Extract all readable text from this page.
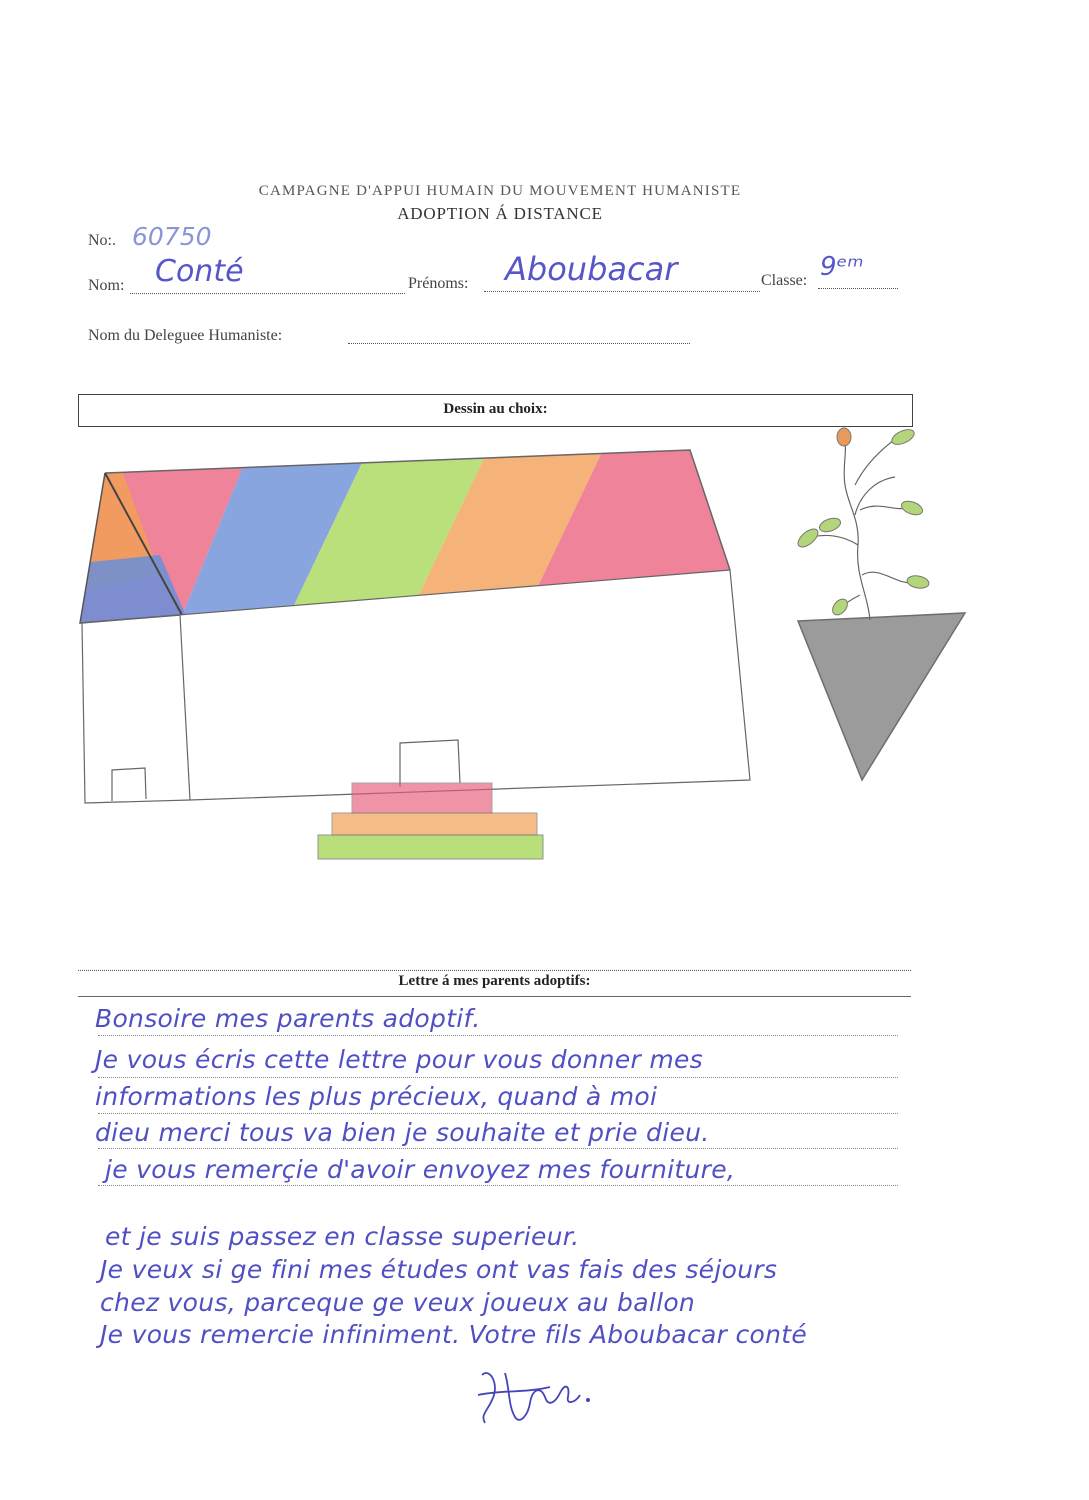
CAMPAGNE D'APPUI HUMAIN DU MOUVEMENT HUMANISTE
ADOPTION Á DISTANCE
No:. 60750
Nom: Conté	Prénoms: Aboubacar	Classe: 9ᵉᵐ
Nom du Deleguee Humaniste:
Dessin au choix:
Lettre á mes parents adoptifs:
Bonsoire mes parents adoptif.
Je vous écris cette lettre pour vous donner mes
informations les plus précieux, quand à moi
dieu merci tous va bien je souhaite et prie dieu.
je vous remerçie d'avoir envoyez mes fourniture,
et je suis passez en classe superieur.
Je veux si ge fini mes études ont vas fais des séjours
chez vous, parceque ge veux joueux au ballon
Je vous remercie infiniment. Votre fils Aboubacar conté
